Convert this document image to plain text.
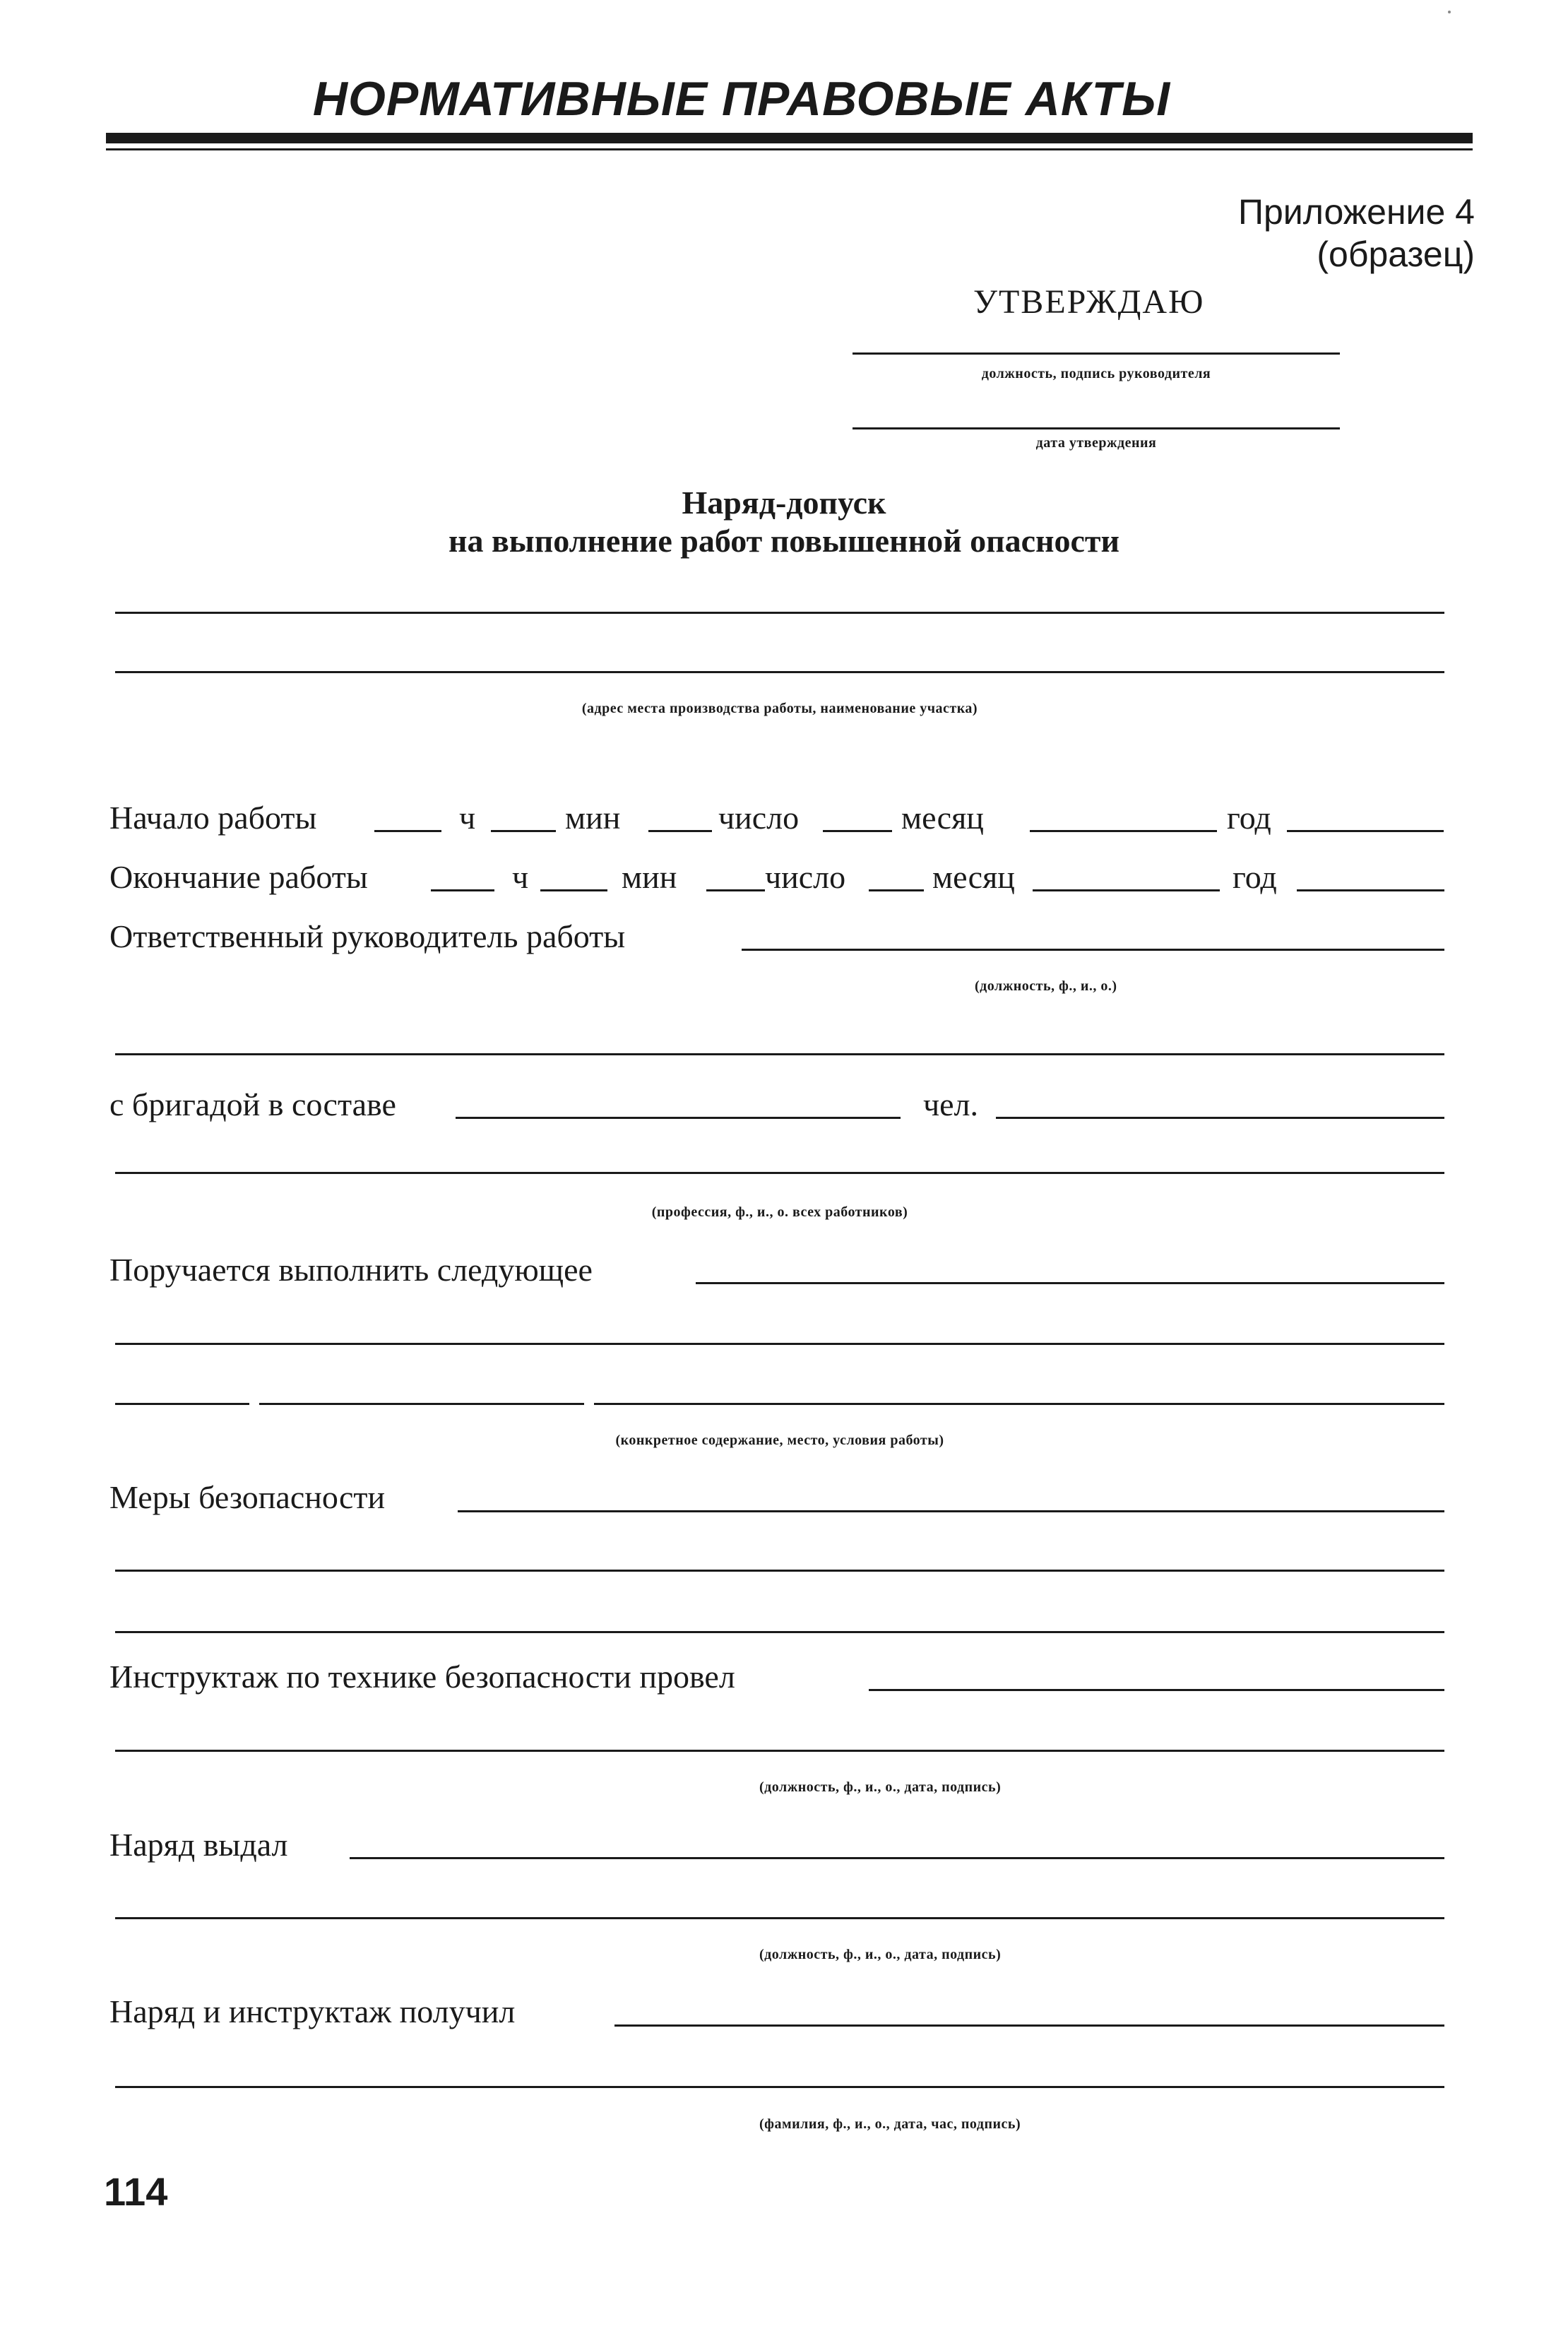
НОРМАТИВНЫЕ ПРАВОВЫЕ АКТЫ
Приложение 4
(образец)
УТВЕРЖДАЮ
должность, подпись руководителя
дата утверждения
Наряд-допуск
на выполнение работ повышенной опасности
(адрес места производства работы, наименование участка)
Начало работы	ч	мин	число	месяц	год
Окончание работы	ч	мин	число	месяц	год
Ответственный руководитель работы
(должность, ф., и., о.)
с бригадой в составе	чел.
(профессия, ф., и., о. всех работников)
Поручается выполнить следующее
(конкретное содержание, место, условия работы)
Меры безопасности
Инструктаж по технике безопасности провел
(должность, ф., и., о., дата, подпись)
Наряд выдал
(должность, ф., и., о., дата, подпись)
Наряд и инструктаж получил
(фамилия, ф., и., о., дата, час, подпись)
114
